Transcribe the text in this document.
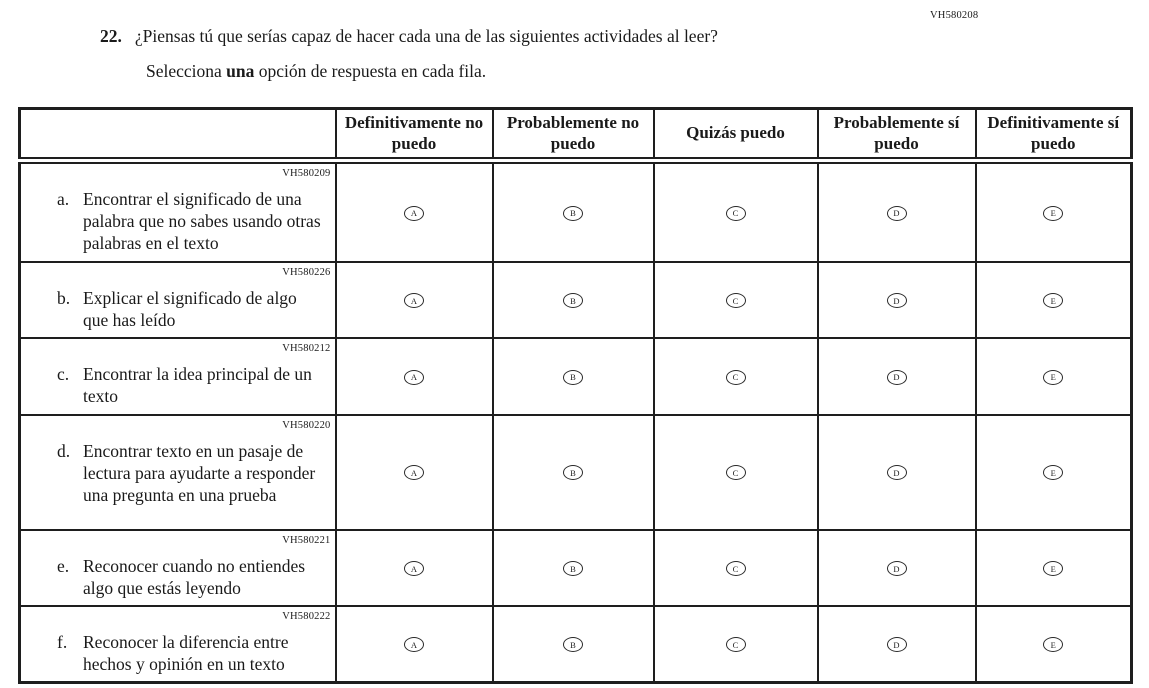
VH580208
22. ¿Piensas tú que serías capaz de hacer cada una de las siguientes actividades al leer?
Selecciona una opción de respuesta en cada fila.
	Definitivamente no puedo	Probablemente no puedo	Quizás puedo	Probablemente sí puedo	Definitivamente sí puedo

VH580209
a. Encontrar el significado de una palabra que no sabes usando otras palabras en el texto	A	B	C	D	E

VH580226
b. Explicar el significado de algo que has leído	A	B	C	D	E

VH580212
c. Encontrar la idea principal de un texto	A	B	C	D	E

VH580220
d. Encontrar texto en un pasaje de lectura para ayudarte a responder una pregunta en una prueba	A	B	C	D	E

VH580221
e. Reconocer cuando no entiendes algo que estás leyendo	A	B	C	D	E

VH580222
f. Reconocer la diferencia entre hechos y opinión en un texto	A	B	C	D	E
